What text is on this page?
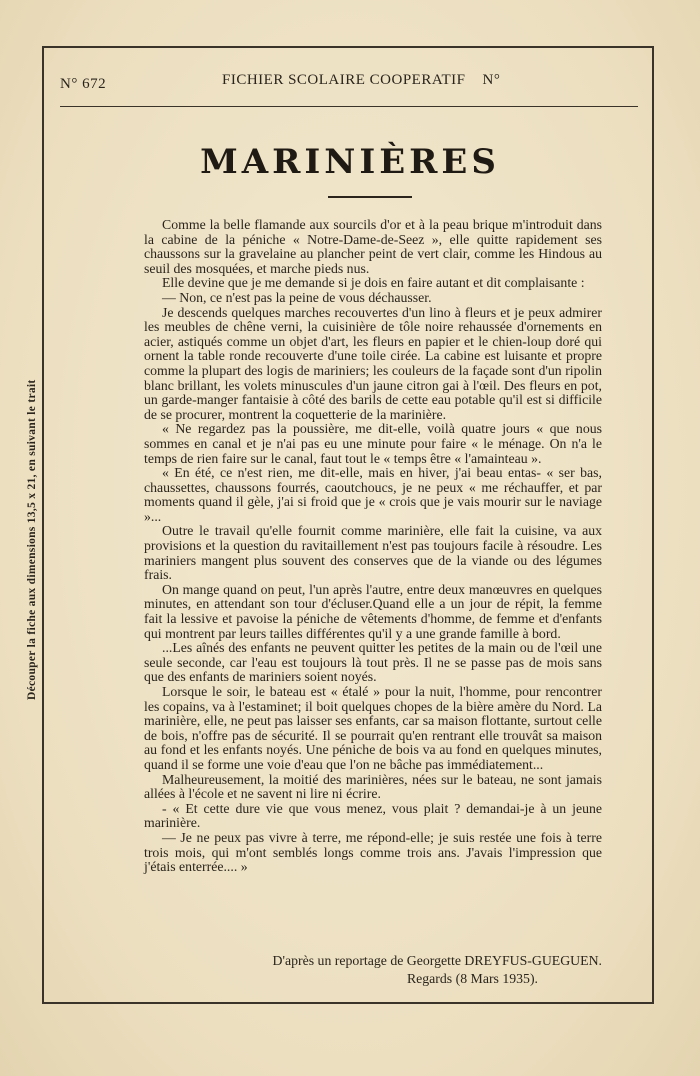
Découper la fiche aux dimensions 13,5 x 21, en suivant le trait
N° 672	FICHIER SCOLAIRE COOPERATIF    N°
MARINIÈRES

Comme la belle flamande aux sourcils d'or et à la peau brique m'introduit dans la cabine de la péniche « Notre-Dame-de-Seez », elle quitte rapidement ses chaussons sur la gravelaine au plancher peint de vert clair, comme les Hindous au seuil des mosquées, et marche pieds nus.

Elle devine que je me demande si je dois en faire autant et dit complaisante :

— Non, ce n'est pas la peine de vous déchausser.

Je descends quelques marches recouvertes d'un lino à fleurs et je peux admirer les meubles de chêne verni, la cuisinière de tôle noire rehaussée d'ornements en acier, astiqués comme un objet d'art, les fleurs en papier et le chien-loup doré qui ornent la table ronde recouverte d'une toile cirée. La cabine est luisante et propre comme la plupart des logis de mariniers; les couleurs de la façade sont d'un ripolin blanc brillant, les volets minuscules d'un jaune citron gai à l'œil. Des fleurs en pot, un garde-manger fantaisie à côté des barils de cette eau potable qu'il est si difficile de se procurer, montrent la coquetterie de la marinière.

« Ne regardez pas la poussière, me dit-elle, voilà quatre jours « que nous sommes en canal et je n'ai pas eu une minute pour faire « le ménage. On n'a le temps de rien faire sur le canal, faut tout le « temps être « l'amainteau ».

« En été, ce n'est rien, me dit-elle, mais en hiver, j'ai beau entas- « ser bas, chaussettes, chaussons fourrés, caoutchoucs, je ne peux « me réchauffer, et par moments quand il gèle, j'ai si froid que je « crois que je vais mourir sur le naviage »...

Outre le travail qu'elle fournit comme marinière, elle fait la cuisine, va aux provisions et la question du ravitaillement n'est pas toujours facile à résoudre. Les mariniers mangent plus souvent des conserves que de la viande ou des légumes frais.

On mange quand on peut, l'un après l'autre, entre deux manœuvres en quelques minutes, en attendant son tour d'écluser.Quand elle a un jour de répit, la femme fait la lessive et pavoise la péniche de vêtements d'homme, de femme et d'enfants qui montrent par leurs tailles différentes qu'il y a une grande famille à bord.

...Les aînés des enfants ne peuvent quitter les petites de la main ou de l'œil une seule seconde, car l'eau est toujours là tout près. Il ne se passe pas de mois sans que des enfants de mariniers soient noyés.

Lorsque le soir, le bateau est « étalé » pour la nuit, l'homme, pour rencontrer les copains, va à l'estaminet; il boit quelques chopes de la bière amère du Nord. La marinière, elle, ne peut pas laisser ses enfants, car sa maison flottante, surtout celle de bois, n'offre pas de sécurité. Il se pourrait qu'en rentrant elle trouvât sa maison au fond et les enfants noyés. Une péniche de bois va au fond en quelques minutes, quand il se forme une voie d'eau que l'on ne bâche pas immédiatement...

Malheureusement, la moitié des marinières, nées sur le bateau, ne sont jamais allées à l'école et ne savent ni lire ni écrire.

- « Et cette dure vie que vous menez, vous plait ? demandai-je à un jeune marinière.

— Je ne peux pas vivre à terre, me répond-elle; je suis restée une fois à terre trois mois, qui m'ont semblés longs comme trois ans. J'avais l'impression que j'étais enterrée.... »

D'après un reportage de Georgette DREYFUS-GUEGUEN.
Regards (8 Mars 1935).
